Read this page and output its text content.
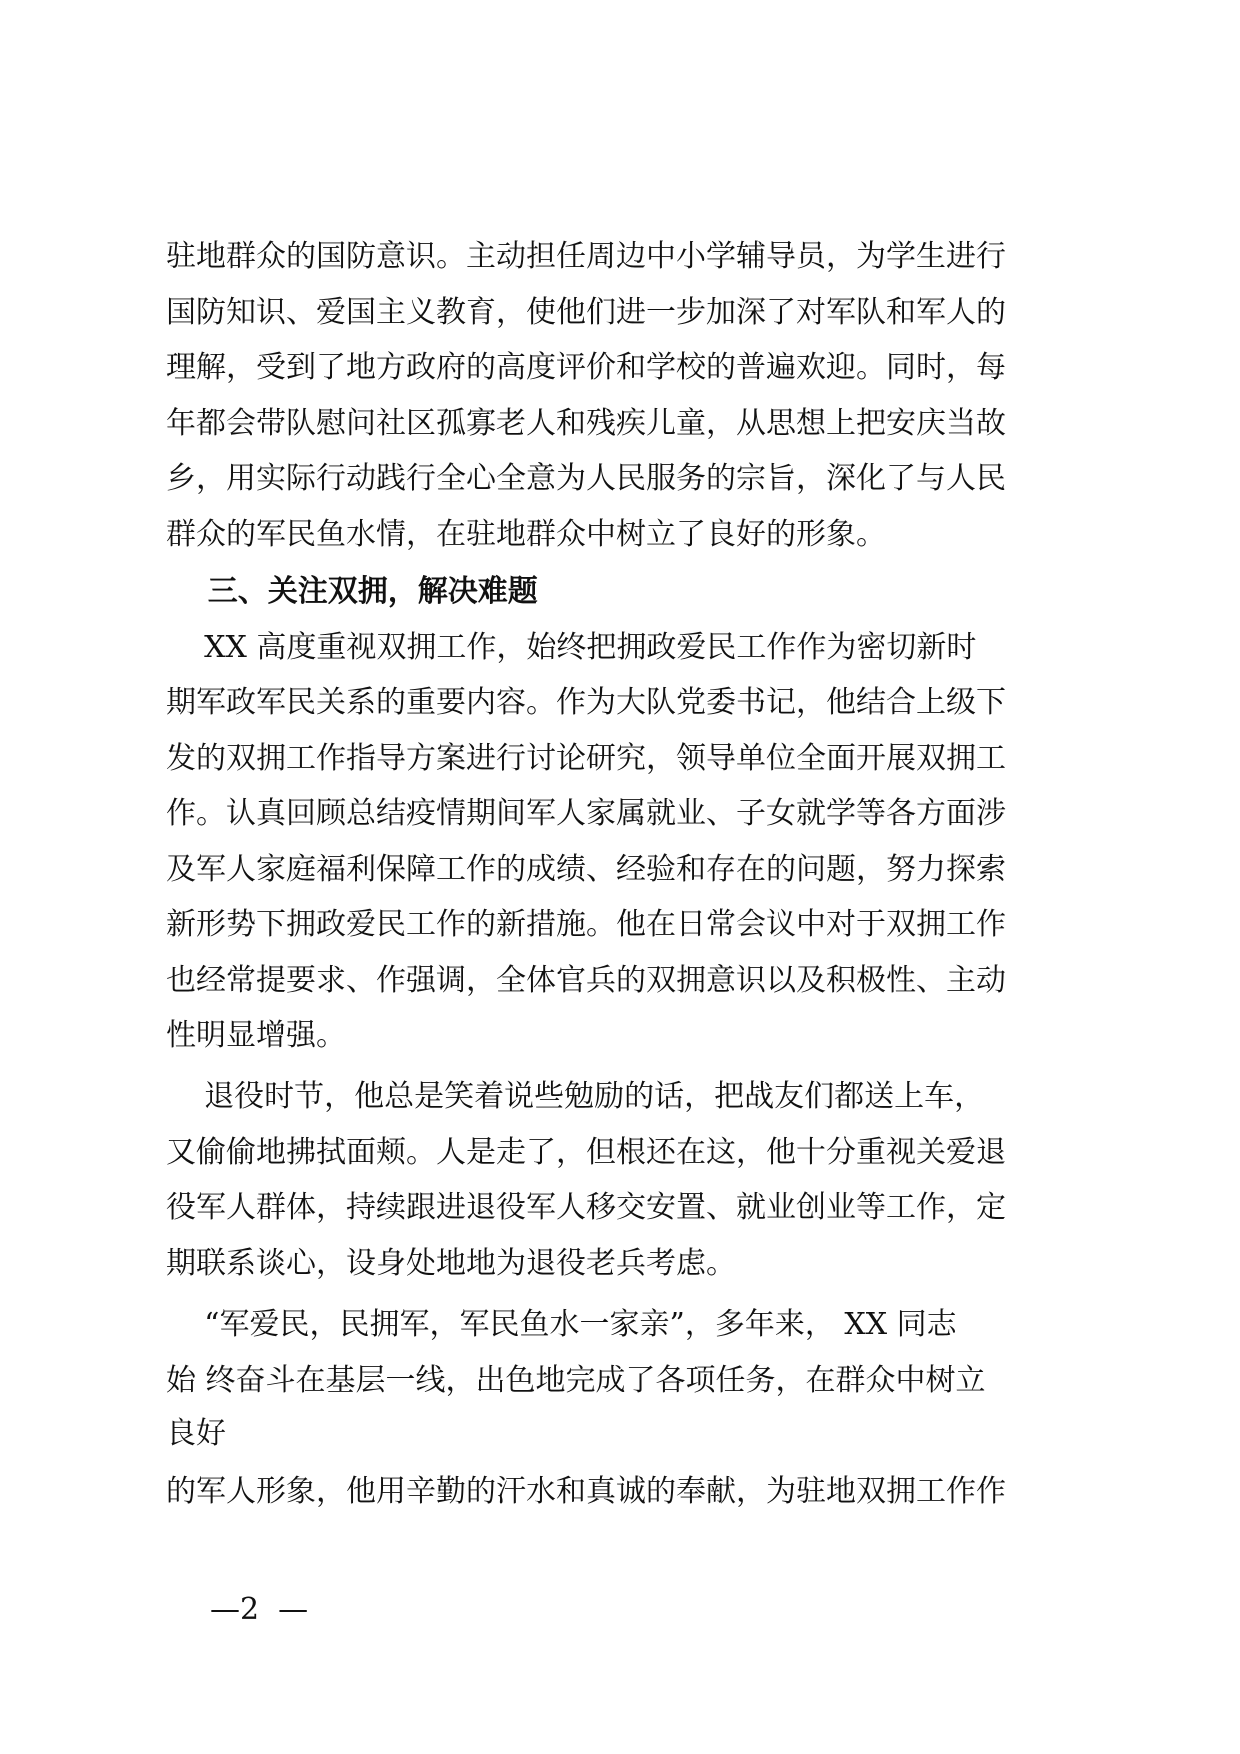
驻地群众的国防意识。主动担任周边中小学辅导员，为学生进行
国防知识、爱国主义教育，使他们进一步加深了对军队和军人的
理解，受到了地方政府的高度评价和学校的普遍欢迎。同时，每
年都会带队慰问社区孤寡老人和残疾儿童，从思想上把安庆当故
乡，用实际行动践行全心全意为人民服务的宗旨，深化了与人民
群众的军民鱼水情，在驻地群众中树立了良好的形象。
三、关注双拥，解决难题
XX 高度重视双拥工作，始终把拥政爱民工作作为密切新时
期军政军民关系的重要内容。作为大队党委书记，他结合上级下
发的双拥工作指导方案进行讨论研究，领导单位全面开展双拥工
作。认真回顾总结疫情期间军人家属就业、子女就学等各方面涉
及军人家庭福利保障工作的成绩、经验和存在的问题，努力探索
新形势下拥政爱民工作的新措施。他在日常会议中对于双拥工作
也经常提要求、作强调，全体官兵的双拥意识以及积极性、主动
性明显增强。
退役时节，他总是笑着说些勉励的话，把战友们都送上车，
又偷偷地拂拭面颊。人是走了，但根还在这，他十分重视关爱退
役军人群体，持续跟进退役军人移交安置、就业创业等工作，定
期联系谈心，设身处地地为退役老兵考虑。
“军爱民，民拥军，军民鱼水一家亲”，多年来， XX 同志
始 终奋斗在基层一线，出色地完成了各项任务，在群众中树立
良好
的军人形象，他用辛勤的汗水和真诚的奉献，为驻地双拥工作作
—2  —
